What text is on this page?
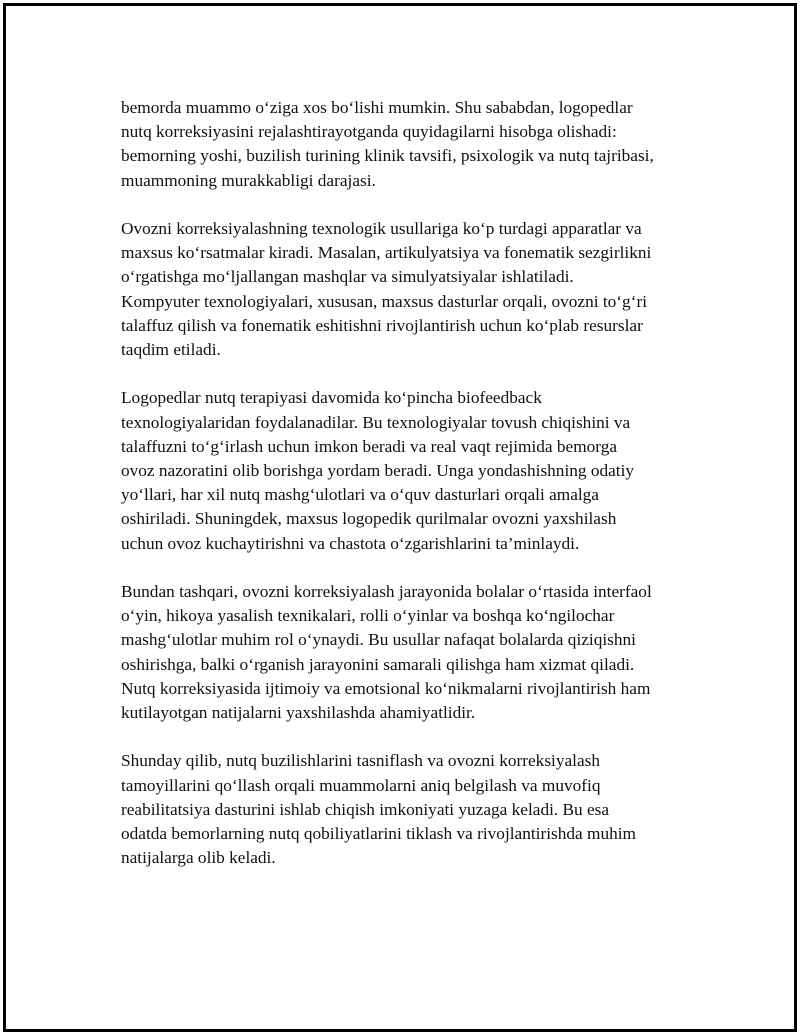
bemorda muammo o‘ziga xos bo‘lishi mumkin. Shu sababdan, logopedlar
nutq korreksiyasini rejalashtirayotganda quyidagilarni hisobga olishadi:
bemorning yoshi, buzilish turining klinik tavsifi, psixologik va nutq tajribasi,
muammoning murakkabligi darajasi.

Ovozni korreksiyalashning texnologik usullariga ko‘p turdagi apparatlar va
maxsus ko‘rsatmalar kiradi. Masalan, artikulyatsiya va fonematik sezgirlikni
o‘rgatishga mo‘ljallangan mashqlar va simulyatsiyalar ishlatiladi.
Kompyuter texnologiyalari, xususan, maxsus dasturlar orqali, ovozni to‘g‘ri
talaffuz qilish va fonematik eshitishni rivojlantirish uchun ko‘plab resurslar
taqdim etiladi.

Logopedlar nutq terapiyasi davomida ko‘pincha biofeedback
texnologiyalaridan foydalanadilar. Bu texnologiyalar tovush chiqishini va
talaffuzni to‘g‘irlash uchun imkon beradi va real vaqt rejimida bemorga
ovoz nazoratini olib borishga yordam beradi. Unga yondashishning odatiy
yo‘llari, har xil nutq mashg‘ulotlari va o‘quv dasturlari orqali amalga
oshiriladi. Shuningdek, maxsus logopedik qurilmalar ovozni yaxshilash
uchun ovoz kuchaytirishni va chastota o‘zgarishlarini ta’minlaydi.

Bundan tashqari, ovozni korreksiyalash jarayonida bolalar o‘rtasida interfaol
o‘yin, hikoya yasalish texnikalari, rolli o‘yinlar va boshqa ko‘ngilochar
mashg‘ulotlar muhim rol o‘ynaydi. Bu usullar nafaqat bolalarda qiziqishni
oshirishga, balki o‘rganish jarayonini samarali qilishga ham xizmat qiladi.
Nutq korreksiyasida ijtimoiy va emotsional ko‘nikmalarni rivojlantirish ham
kutilayotgan natijalarni yaxshilashda ahamiyatlidir.

Shunday qilib, nutq buzilishlarini tasniflash va ovozni korreksiyalash
tamoyillarini qo‘llash orqali muammolarni aniq belgilash va muvofiq
reabilitatsiya dasturini ishlab chiqish imkoniyati yuzaga keladi. Bu esa
odatda bemorlarning nutq qobiliyatlarini tiklash va rivojlantirishda muhim
natijalarga olib keladi.
